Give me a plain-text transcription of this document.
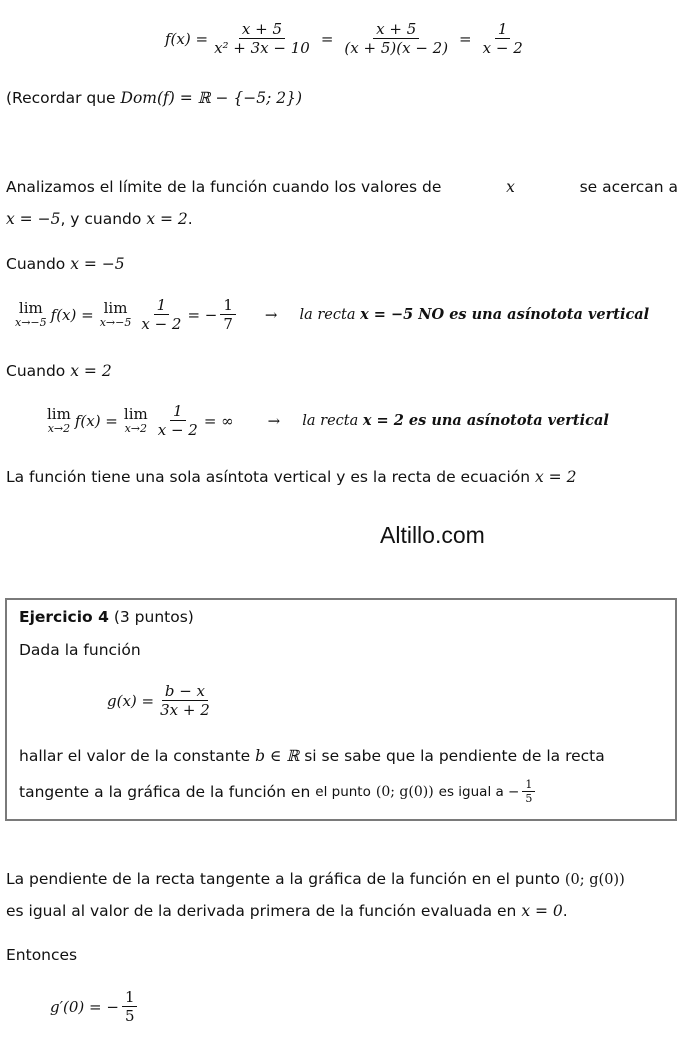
$f(x) = \frac{x + 5}{\text{x² + 3x − 10}} = \frac{x + 5}{(x + 5)(x - 2)} = \frac{1}{x - 2}$
(Recordar que Dom(f) = ℝ − {−5; 2})
Analizamos el límite de la función cuando los valores de	x	se acercan a
x = −5, y cuando x = 2.
Cuando x = −5
lim
x→−5 f(x) = lim
$x\to-5 \frac{1}{x - 2}$ = − $\frac{1}{7}$ → la recta x = −5 NO es una asínotota vertical
Cuando x = 2
lim
x→2 f(x) = lim
$x\to 2 \frac{1}{x - 2}$ = ∞ → la recta x = 2 es una asínotota vertical
La función tiene una sola asíntota vertical y es la recta de ecuación x = 2
Altillo.com
Ejercicio 4 (3 puntos)
Dada la función
$g(x) = \frac{b - x}{3x + 2}$
hallar el valor de la constante b ∈ ℝ si se sabe que la pendiente de la recta
tangente a la gráfica de la función en el punto (0; g(0)) es igual $a - \frac{1}{5}$
La pendiente de la recta tangente a la gráfica de la función en el punto (0; g(0))
es igual al valor de la derivada primera de la función evaluada en x = 0.
Entonces
g′(0) = − $\frac{1}{5}$
